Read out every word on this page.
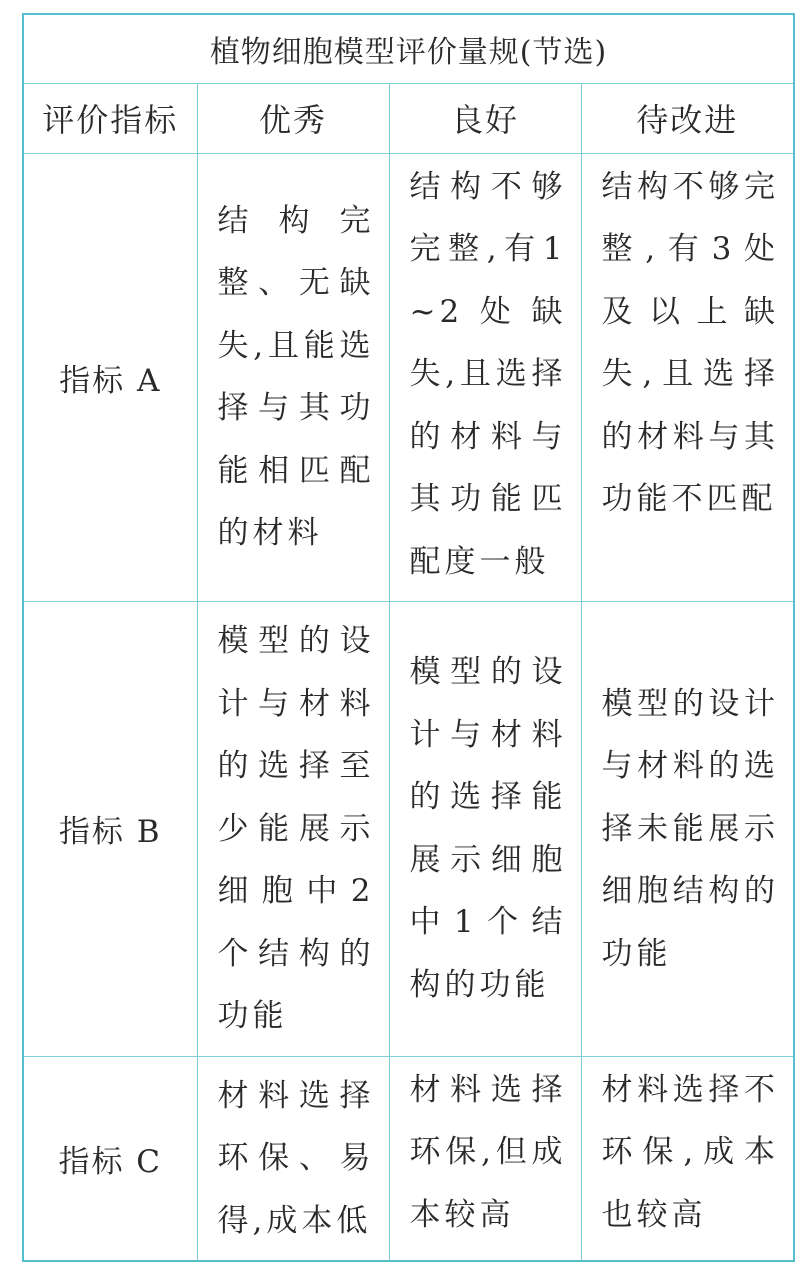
植物细胞模型评价量规(节选)			
评价指标	优秀	良好	待改进
指标 A	结构完整、无缺失,且能选择与其功能相匹配的材料	结构不够完整,有1~2处缺失,且选择的材料与其功能匹配度一般	结构不够完整,有3处及以上缺失,且选择的材料与其功能不匹配
指标 B	模型的设计与材料的选择至少能展示细胞中2个结构的功能	模型的设计与材料的选择能展示细胞中1个结构的功能	模型的设计与材料的选择未能展示细胞结构的功能
指标 C	材料选择环保、易得,成本低	材料选择环保,但成本较高	材料选择不环保,成本也较高
